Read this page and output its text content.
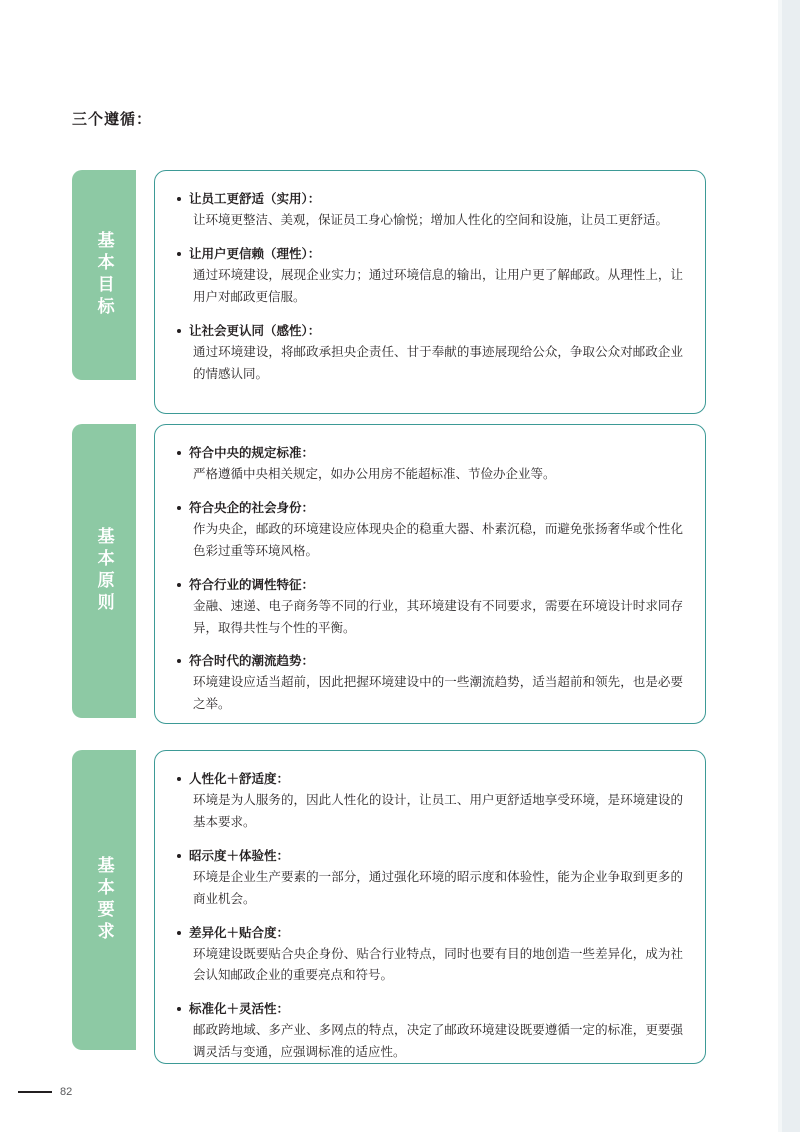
三个遵循：
基本目标
让员工更舒适（实用）：
让环境更整洁、美观，保证员工身心愉悦；增加人性化的空间和设施，让员工更舒适。
让用户更信赖（理性）：
通过环境建设，展现企业实力；通过环境信息的输出，让用户更了解邮政。从理性上，让用户对邮政更信服。
让社会更认同（感性）：
通过环境建设，将邮政承担央企责任、甘于奉献的事迹展现给公众，争取公众对邮政企业的情感认同。
基本原则
符合中央的规定标准：
严格遵循中央相关规定，如办公用房不能超标准、节俭办企业等。
符合央企的社会身份：
作为央企，邮政的环境建设应体现央企的稳重大器、朴素沉稳，而避免张扬奢华或个性化色彩过重等环境风格。
符合行业的调性特征：
金融、速递、电子商务等不同的行业，其环境建设有不同要求，需要在环境设计时求同存异，取得共性与个性的平衡。
符合时代的潮流趋势：
环境建设应适当超前，因此把握环境建设中的一些潮流趋势，适当超前和领先，也是必要之举。
基本要求
人性化＋舒适度：
环境是为人服务的，因此人性化的设计，让员工、用户更舒适地享受环境，是环境建设的基本要求。
昭示度＋体验性：
环境是企业生产要素的一部分，通过强化环境的昭示度和体验性，能为企业争取到更多的商业机会。
差异化＋贴合度：
环境建设既要贴合央企身份、贴合行业特点，同时也要有目的地创造一些差异化，成为社会认知邮政企业的重要亮点和符号。
标准化＋灵活性：
邮政跨地域、多产业、多网点的特点，决定了邮政环境建设既要遵循一定的标准，更要强调灵活与变通，应强调标准的适应性。
82
